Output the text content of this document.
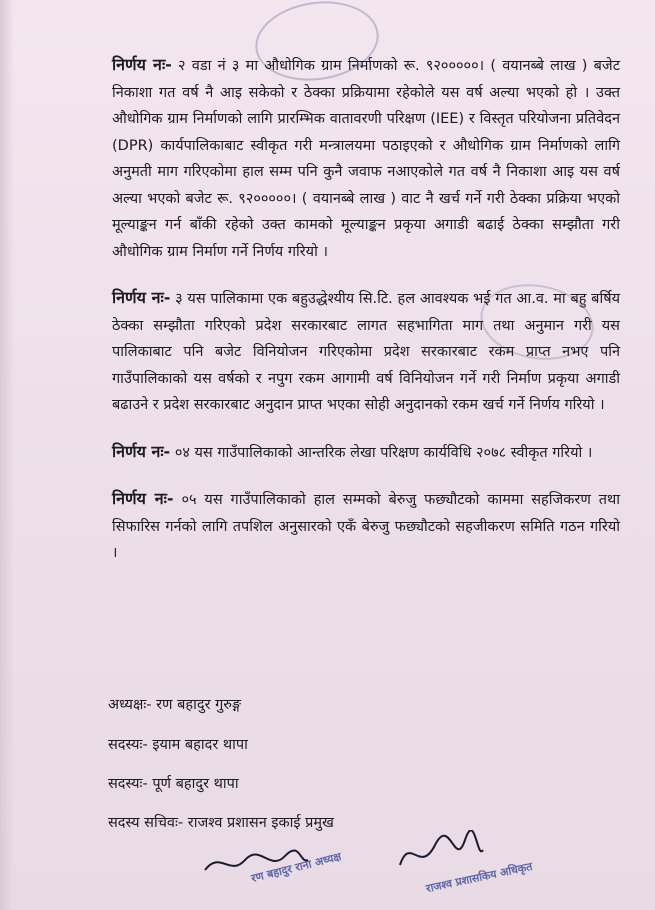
निर्णय नः- २ वडा नं ३ मा औधोगिक ग्राम निर्माणको रू. ९२०००००। ( वयानब्बे लाख ) बजेट निकाशा गत वर्ष नै आइ सकेको र ठेक्का प्रक्रियामा रहेकोले यस वर्ष अल्या भएको हो । उक्त औधोगिक ग्राम निर्माणको लागि प्रारम्भिक वातावरणी परिक्षण (IEE) र विस्तृत परियोजना प्रतिवेदन (DPR) कार्यपालिकाबाट स्वीकृत गरी मन्त्रालयमा पठाइएको र औधोगिक ग्राम निर्माणको लागि अनुमती माग गरिएकोमा हाल सम्म पनि कुनै जवाफ नआएकोले गत वर्ष नै निकाशा आइ यस वर्ष अल्या भएको बजेट रू. ९२०००००। ( वयानब्बे लाख ) वाट नै खर्च गर्ने गरी ठेक्का प्रक्रिया भएको मूल्याङ्कन गर्न बाँकी रहेको उक्त कामको मूल्याङ्कन प्रकृया अगाडी बढाई ठेक्का सम्झौता गरी औधोगिक ग्राम निर्माण गर्ने निर्णय गरियो ।

निर्णय नः- ३ यस पालिकामा एक बहुउद्धेश्यीय सि.टि. हल आवश्यक भई गत आ.व. मा बहु बर्षिय ठेक्का सम्झौता गरिएको प्रदेश सरकारबाट लागत सहभागिता माग तथा अनुमान गरी यस पालिकाबाट पनि बजेट विनियोजन गरिएकोमा प्रदेश सरकारबाट रकम प्राप्त नभए पनि गाउँपालिकाको यस वर्षको र नपुग रकम आगामी वर्ष विनियोजन गर्ने गरी निर्माण प्रकृया अगाडी बढाउने र प्रदेश सरकारबाट अनुदान प्राप्त भएका सोही अनुदानको रकम खर्च गर्ने निर्णय गरियो ।

निर्णय नः- ०४ यस गाउँपालिकाको आन्तरिक लेखा परिक्षण कार्यविधि २०७८ स्वीकृत गरियो ।

निर्णय नः- ०५ यस गाउँपालिकाको हाल सम्मको बेरुजु फछ्यौटको काममा सहजिकरण तथा सिफारिस गर्नको लागि तपशिल अनुसारको एकँ बेरुजु फछ्यौटको सहजीकरण समिति गठन गरियो ।

अध्यक्षः- रण बहादुर गुरुङ्ग
सदस्यः- इयाम बहादर थापा
सदस्यः- पूर्ण बहादुर थापा
सदस्य सचिवः- राजश्व प्रशासन इकाई प्रमुख
रण बहादुर राना अध्यक्ष	राजश्व प्रशासकिय अधिकृत
